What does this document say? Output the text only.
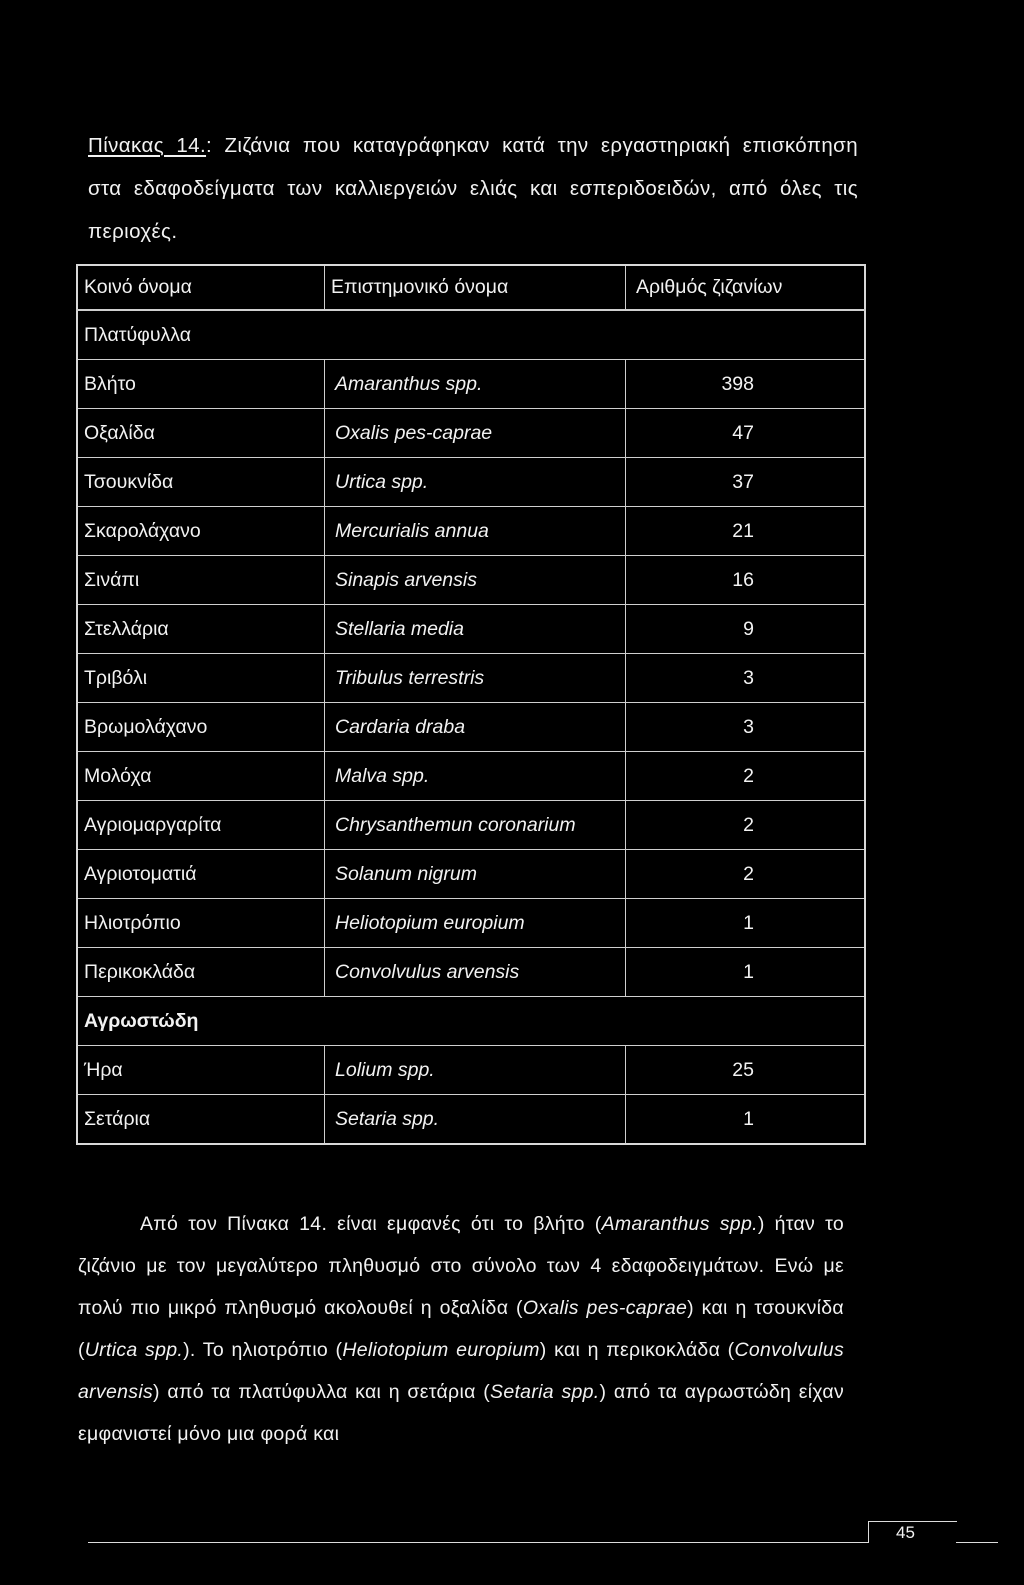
Πίνακας 14.: Ζιζάνια που καταγράφηκαν κατά την εργαστηριακή επισκόπηση στα εδαφοδείγματα των καλλιεργειών ελιάς και εσπεριδοειδών, από όλες τις περιοχές.
Κοινό όνομα	Επιστημονικό όνομα	Αριθμός ζιζανίων
Πλατύφυλλα		
Βλήτο	Amaranthus spp.	398
Οξαλίδα	Oxalis pes-caprae	47
Τσουκνίδα	Urtica spp.	37
Σκαρολάχανο	Mercurialis annua	21
Σινάπι	Sinapis arvensis	16
Στελλάρια	Stellaria media	9
Τριβόλι	Tribulus terrestris	3
Βρωμολάχανο	Cardaria draba	3
Μολόχα	Malva spp.	2
Αγριομαργαρίτα	Chrysanthemun coronarium	2
Αγριοτοματιά	Solanum nigrum	2
Ηλιοτρόπιο	Heliotopium europium	1
Περικοκλάδα	Convolvulus arvensis	1
Αγρωστώδη		
Ήρα	Lolium spp.	25
Σετάρια	Setaria spp.	1
Από τον Πίνακα 14. είναι εμφανές ότι το βλήτο (Amaranthus spp.) ήταν το ζιζάνιο με τον μεγαλύτερο πληθυσμό στο σύνολο των 4 εδαφοδειγμάτων. Ενώ με πολύ πιο μικρό πληθυσμό ακολουθεί η οξαλίδα (Oxalis pes-caprae) και η τσουκνίδα (Urtica spp.). Το ηλιοτρόπιο (Heliotopium europium) και η περικοκλάδα (Convolvulus arvensis) από τα πλατύφυλλα και η σετάρια (Setaria spp.) από τα αγρωστώδη είχαν εμφανιστεί μόνο μια φορά και
45
